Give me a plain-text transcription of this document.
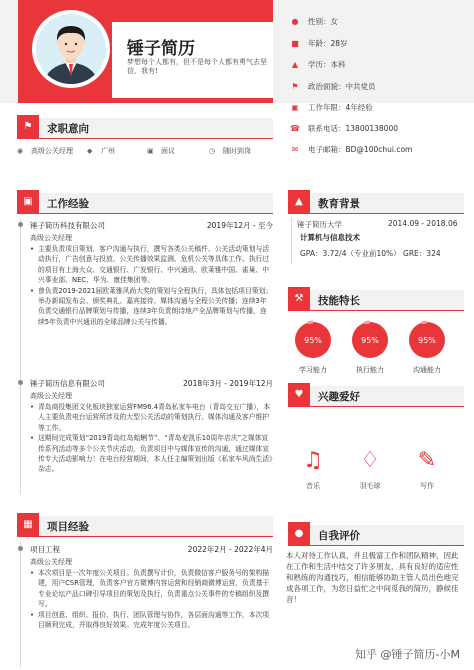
锤子简历
梦想每个人都有，但不是每个人都有勇气去坚信，我有!
● 性别：女
■ 年龄：28岁
▲ 学历：本科
⚑ 政治面貌：中共党员
▣ 工作年限：4年经验
☎ 联系电话：13800138000
✉ 电子邮箱：BD@100chui.com
⚑	求职意向
◉ 高级公关经理 ◆	广州	▣ 面议	◷ 随时到岗
▣	工作经验
锤子简历科技有限公司	2019年12月 - 至今
高级公关经理
• 主要负责项目策划、客户沟通与执行，撰写各类公关稿件、公关活动策划与活动执行，广告创意与投放、公关传播效果监测、危机公关等具体工作。执行过的项目有上海大众、交通银行、广发银行、中兴通讯、欧莱雅中国、雀巢、中兴事业部、NEC、华为、康佳集团等。
• 曾负责2019-2021届欧莱雅风尚大奖的策划与全程执行，具体包括项目策划；举办新闻发布会、颁奖典礼、嘉宾接待、媒体沟通与全程公关传播；连续3年负责交通银行品牌策划与传播，连续3年负责朗诗地产全品牌策划与传播，连续5年负责中兴通讯的全球品牌公关与传播。
锤子简历信息有限公司	2018年3月 - 2019年12月
高级公关经理
• 青岛商投集团文化板块独家运营FM96.4青岛私家车电台（青岛交五广播），本人主要负责电台运营所涉及的大型公关活动的策划执行、媒体沟通及客户维护等工作。
• 这期间完成策划“2019青岛红岛蛤蜊节”、“青岛麦凯乐10周年店庆”之媒体宣传系列活动等多个公关节庆活动，负责项目中与媒体宣传的沟通，通过媒体宣传专大活动影响力！在电台经营期间，本人任主编策划出版《私家车风尚生活》杂志。
▦	项目经验
项目工程	2022年2月 - 2022年4月
高级公关经理
• 本次项目是一次年度公关项目。负责撰写计价，负责微信客户服务号的架构描建，用户CSR管理，负责客户官方微博内容运营和经销商微博运营，负责基于专业论坛产品口碑引导项目的策划及执行，负责重点公关事件的专稿组织及撰写。
• 项目创意、组织、报价、执行、团队管理与协作，各层面沟通等工作，本次项目顺利完成，并取得良好效果。完成年度公关项目。
▲	教育背景
锤子简历大学	2014.09 - 2018.06
计算机与信息技术
GPA：3.72/4（专业前10%） GRE：324
⚒	技能特长
95%
学习能力
95%
执行能力
95%
沟通能力
♥	兴趣爱好
♫
音乐
♢
羽毛球
✎
写作
●	自我评价
本人对待工作认真，并且极富工作和团队精神，因此在工作和生活中结交了许多朋友，具有良好的适应性和熟练的沟通技巧，相信能够协助主管人员出色地完成各项工作，为您日益忙之中间觅我的简历，静候佳音！
知乎 @锤子简历-小M
